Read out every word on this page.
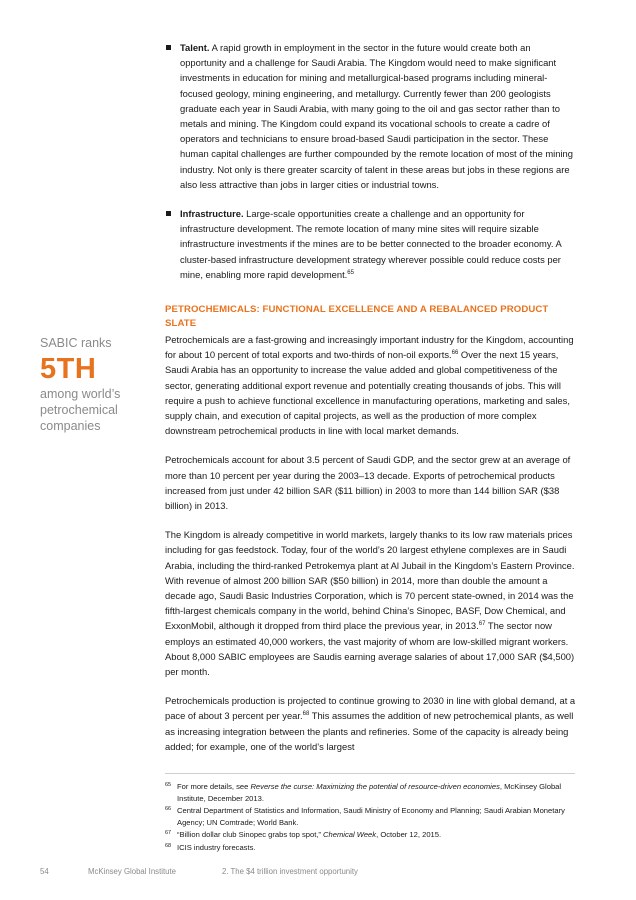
Talent. A rapid growth in employment in the sector in the future would create both an opportunity and a challenge for Saudi Arabia. The Kingdom would need to make significant investments in education for mining and metallurgical-based programs including mineral-focused geology, mining engineering, and metallurgy. Currently fewer than 200 geologists graduate each year in Saudi Arabia, with many going to the oil and gas sector rather than to metals and mining. The Kingdom could expand its vocational schools to create a cadre of operators and technicians to ensure broad-based Saudi participation in the sector. These human capital challenges are further compounded by the remote location of most of the mining industry. Not only is there greater scarcity of talent in these areas but jobs in these regions are also less attractive than jobs in larger cities or industrial towns.
Infrastructure. Large-scale opportunities create a challenge and an opportunity for infrastructure development. The remote location of many mine sites will require sizable infrastructure investments if the mines are to be better connected to the broader economy. A cluster-based infrastructure development strategy wherever possible could reduce costs per mine, enabling more rapid development.$^{65}$
PETROCHEMICALS: FUNCTIONAL EXCELLENCE AND A REBALANCED PRODUCT SLATE

Petrochemicals are a fast-growing and increasingly important industry for the Kingdom, accounting for about 10 percent of total exports and two-thirds of non-oil exports.$^{66}$ Over the next 15 years, Saudi Arabia has an opportunity to increase the value added and global competitiveness of the sector, generating additional export revenue and potentially creating thousands of jobs. This will require a push to achieve functional excellence in manufacturing operations, marketing and sales, supply chain, and execution of capital projects, as well as the production of more complex downstream petrochemical products in line with local market demands.

Petrochemicals account for about 3.5 percent of Saudi GDP, and the sector grew at an average of more than 10 percent per year during the 2003–13 decade. Exports of petrochemical products increased from just under 42 billion SAR ($11 billion) in 2003 to more than 144 billion SAR ($38 billion) in 2013.

The Kingdom is already competitive in world markets, largely thanks to its low raw materials prices including for gas feedstock. Today, four of the world’s 20 largest ethylene complexes are in Saudi Arabia, including the third-ranked Petrokemya plant at Al Jubail in the Kingdom’s Eastern Province. With revenue of almost 200 billion SAR ($50 billion) in 2014, more than double the amount a decade ago, Saudi Basic Industries Corporation, which is 70 percent state-owned, in 2014 was the fifth-largest chemicals company in the world, behind China’s Sinopec, BASF, Dow Chemical, and ExxonMobil, although it dropped from third place the previous year, in 2013.67 The sector now employs an estimated 40,000 workers, the vast majority of whom are low-skilled migrant workers. About 8,000 SABIC employees are Saudis earning average salaries of about 17,000 SAR ($4,500) per month.

Petrochemicals production is projected to continue growing to 2030 in line with global demand, at a pace of about 3 percent per year.$^{68}$ This assumes the addition of new petrochemical plants, as well as increasing integration between the plants and refineries. Some of the capacity is already being added; for example, one of the world’s largest

SABIC ranks
5TH
among world’s
petrochemical
companies
65 For more details, see Reverse the curse: Maximizing the potential of resource-driven economies, McKinsey Global Institute, December 2013.
66 Central Department of Statistics and Information, Saudi Ministry of Economy and Planning; Saudi Arabian Monetary Agency; UN Comtrade; World Bank.
67 “Billion dollar club Sinopec grabs top spot,” Chemical Week, October 12, 2015.
68 ICIS industry forecasts.
54	McKinsey Global Institute	2. The $4 trillion investment opportunity
